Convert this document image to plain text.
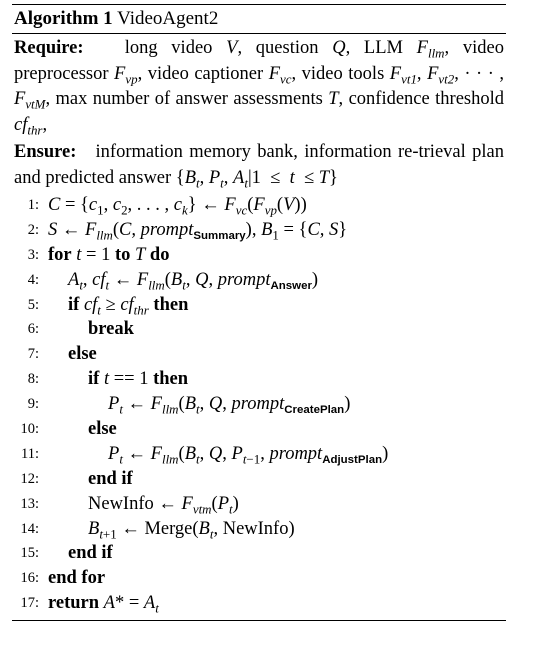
Algorithm 1 VideoAgent2
Require:   long video V, question Q, LLM $F_{llm}$, video preprocessor $F_{vp}$, video captioner $F_{vc}$, video tools $F_{vt1}$, $F_{vt2}$, · · · , $F_{vtM}$, max number of answer assessments T, confidence threshold $cf_{thr}$,
Ensure:   information memory bank, information re-trieval plan and predicted answer {$B_t$, $P_t$, $A_t|1 \le t \le T$}
1: $C = \{c_1$, $c_2$, . . . , $c_k$} ← $F_{vc}(F_{vp}(V))$
2: S ← $F_{llm}(C$, prompt$_{Summary}$), $B_1 = \{C$, S}
3: for t = 1 to T do
4:	$A_t$, $cf_t$ ← $F_{llm}(B_t$, Q, prompt$_{Answer}$)
5:	if $cf_t \ge cf_{thr}$ then
6:	break
7:	else
8:	if t == 1 then
9:	$P_t$ ← $F_{llm}(B_t$, Q, prompt$_{CreatePlan}$)
10:	else
11:	$P_t$ ← $F_{llm}(B_t$, Q, $P_{t-1}$, prompt$_{AdjustPlan}$)
12:	end if
13:	NewInfo ← $F_{vtm}(P_t)$
14:	$B_{t+1}$ ← $Merge(B_t$, NewInfo)
15:	end if
16: end for
17: return $A* = A_t$
